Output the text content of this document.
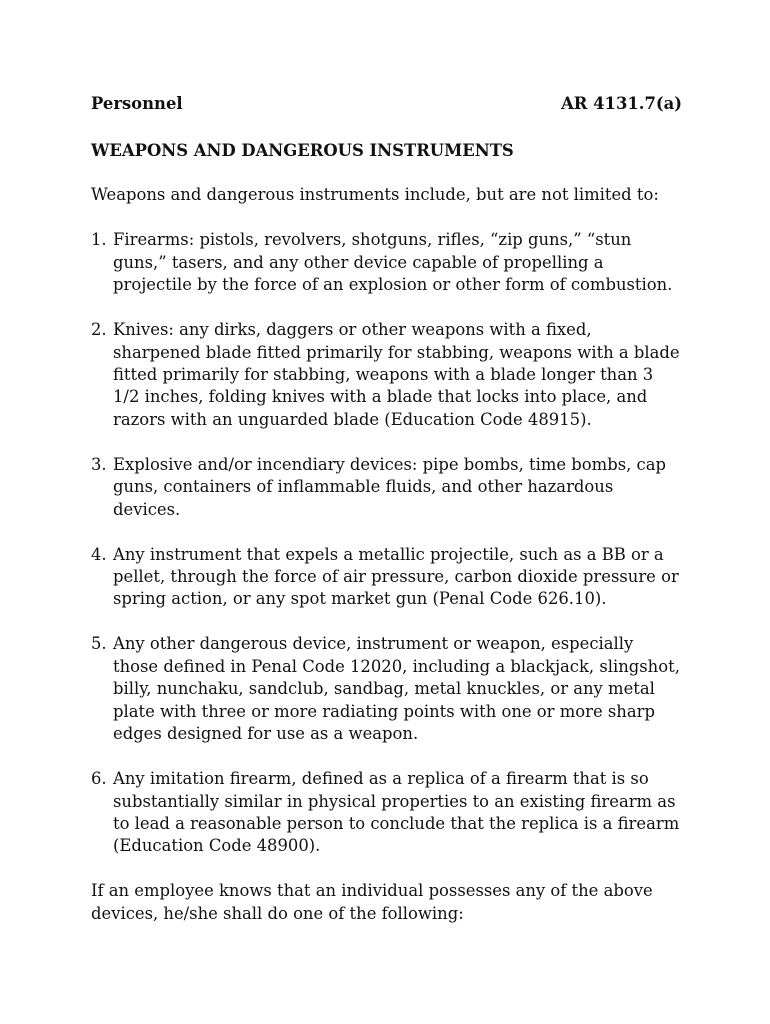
Personnel	AR 4131.7(a)

WEAPONS AND DANGEROUS INSTRUMENTS

Weapons and dangerous instruments include, but are not limited to:

1. Firearms: pistols, revolvers, shotguns, rifles, “zip guns,” “stun guns,” tasers, and any other device capable of propelling a projectile by the force of an explosion or other form of combustion.
2. Knives: any dirks, daggers or other weapons with a fixed, sharpened blade fitted primarily for stabbing, weapons with a blade fitted primarily for stabbing, weapons with a blade longer than 3 1/2 inches, folding knives with a blade that locks into place, and razors with an unguarded blade (Education Code 48915).
3. Explosive and/or incendiary devices: pipe bombs, time bombs, cap guns, containers of inflammable fluids, and other hazardous devices.
4. Any instrument that expels a metallic projectile, such as a BB or a pellet, through the force of air pressure, carbon dioxide pressure or spring action, or any spot market gun (Penal Code 626.10).
5. Any other dangerous device, instrument or weapon, especially those defined in Penal Code 12020, including a blackjack, slingshot, billy, nunchaku, sandclub, sandbag, metal knuckles, or any metal plate with three or more radiating points with one or more sharp edges designed for use as a weapon.
6. Any imitation firearm, defined as a replica of a firearm that is so substantially similar in physical properties to an existing firearm as to lead a reasonable person to conclude that the replica is a firearm (Education Code 48900).

If an employee knows that an individual possesses any of the above devices, he/she shall do one of the following:
